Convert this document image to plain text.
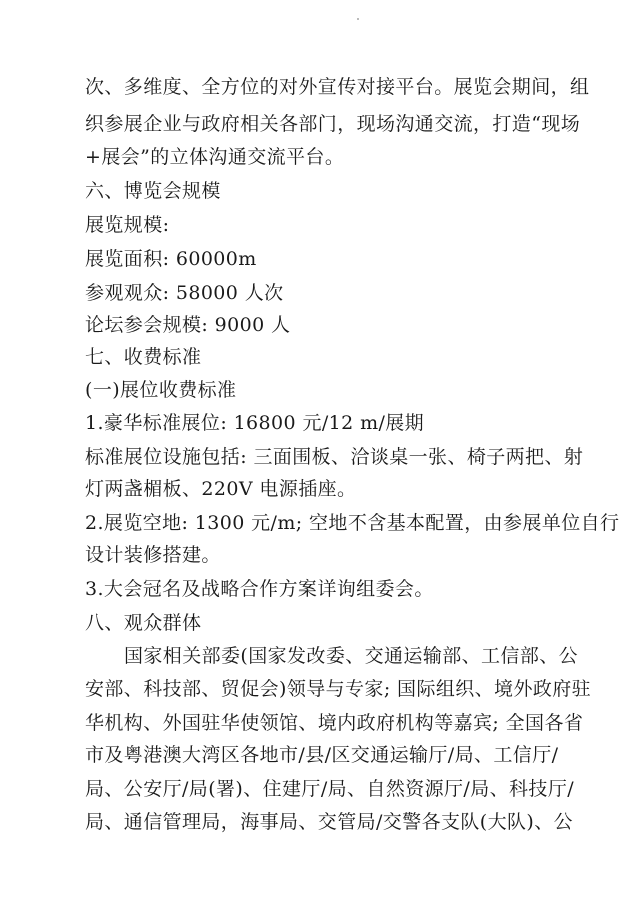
次、多维度、全方位的对外宣传对接平台。展览会期间，组
织参展企业与政府相关各部门，现场沟通交流，打造“现场
+展会”的立体沟通交流平台。
六、博览会规模
展览规模:
展览面积: 60000m
参观观众: 58000 人次
论坛参会规模: 9000 人
七、收费标准
(一)展位收费标准
1.豪华标准展位: 16800 元/12 m/展期
标准展位设施包括: 三面围板、洽谈桌一张、椅子两把、射
灯两盏楣板、220V 电源插座。
2.展览空地: 1300 元/m; 空地不含基本配置，由参展单位自行
设计装修搭建。
3.大会冠名及战略合作方案详询组委会。
八、观众群体
国家相关部委(国家发改委、交通运输部、工信部、公
安部、科技部、贸促会)领导与专家; 国际组织、境外政府驻
华机构、外国驻华使领馆、境内政府机构等嘉宾; 全国各省
市及粤港澳大湾区各地市/县/区交通运输厅/局、工信厅/
局、公安厅/局(署)、住建厅/局、自然资源厅/局、科技厅/
局、通信管理局，海事局、交管局/交警各支队(大队)、公
